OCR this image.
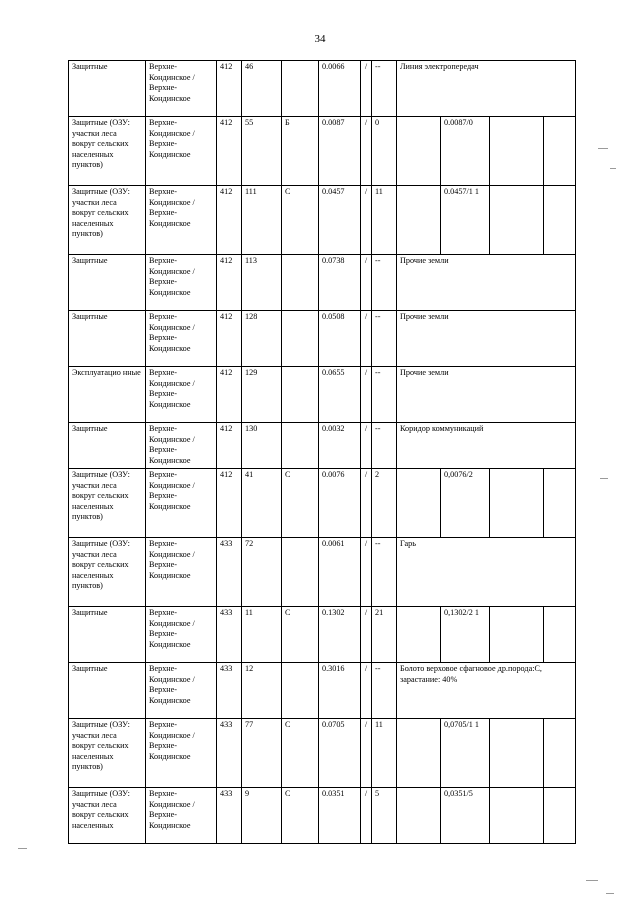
34
Защитные	Верхне-Кондинское / Верхне-Кондинское	412	46		0.0066	/	--	Линия электропередач			
Защитные (ОЗУ: участки леса вокруг сельских населенных пунктов)	Верхне-Кондинское / Верхне-Кондинское	412	55	Б	0.0087	/	0		0.0087/0		
Защитные (ОЗУ: участки леса вокруг сельских населенных пунктов)	Верхне-Кондинское / Верхне-Кондинское	412	111	С	0.0457	/	11		0.0457/1 1		
Защитные	Верхне-Кондинское / Верхне-Кондинское	412	113		0.0738	/	--	Прочие земли			
Защитные	Верхне-Кондинское / Верхне-Кондинское	412	128		0.0508	/	--	Прочие земли			
Эксплуатацио нные	Верхне-Кондинское / Верхне-Кондинское	412	129		0.0655	/	--	Прочие земли			
Защитные	Верхне-Кондинское / Верхне-Кондинское	412	130		0.0032	/	--	Коридор коммуникаций			
Защитные (ОЗУ: участки леса вокруг сельских населенных пунктов)	Верхне-Кондинское / Верхне-Кондинское	412	41	С	0.0076	/	2		0,0076/2		
Защитные (ОЗУ: участки леса вокруг сельских населенных пунктов)	Верхне-Кондинское / Верхне-Кондинское	433	72		0.0061	/	--	Гарь			
Защитные	Верхне-Кондинское / Верхне-Кондинское	433	11	С	0.1302	/	21		0,1302/2 1		
Защитные	Верхне-Кондинское / Верхне-Кондинское	433	12		0.3016	/	--	Болото верховое сфагновое др.порода:С, зарастание: 40%			
Защитные (ОЗУ: участки леса вокруг сельских населенных пунктов)	Верхне-Кондинское / Верхне-Кондинское	433	77	С	0.0705	/	11		0,0705/1 1		
Защитные (ОЗУ: участки леса вокруг сельских населенных	Верхне-Кондинское / Верхне-Кондинское	433	9	С	0.0351	/	5		0,0351/5		
